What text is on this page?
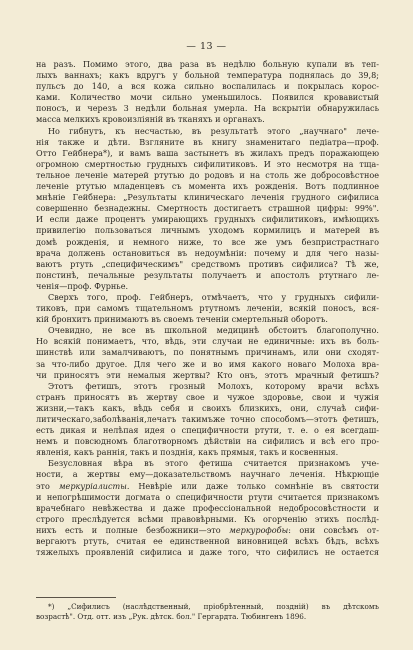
— 13 —
на разъ. Помимо этого, два раза въ недѣлю больную купали въ теп-
лыхъ ваннахъ; какъ вдругъ у больной температура поднялась до 39,8;
пульсъ до 140, а вся кожа сильно воспалилась и покрылась корос-
ками. Количество мочи сильно уменьшилось. Появился кровавистый
поносъ, и черезъ 3 недѣли больная умерла. На вскрытіи обнаружилась
масса мелкихъ кровоизліяній въ тканяхъ и органахъ.
Но гибнутъ, къ несчастью, въ результатѣ этого „научнаго" лече-
нія также и дѣти. Взгляните въ книгу знаменитаго педіатра—проф.
Отто Гейбнера*), и вамъ ваша застынетъ въ жилахъ предъ поражающею
огромною смертностью грудныхъ сифилитиковъ. И это несмотря на тща-
тельное леченіе матерей ртутью до родовъ и на столь же добросовѣстное
леченіе ртутью младенцевъ съ момента ихъ рожденія. Вотъ подлинное
мнѣніе Гейбнера: „Результаты клиническаго леченія грудного сифилиса
совершенно безнадежны. Смертность достигаетъ страшной цифры: 99%".
И если даже процентъ умирающихъ грудныхъ сифилитиковъ, имѣющихъ
привилегію пользоваться личнымъ уходомъ кормилицъ и матерей въ
домѣ рожденія, и немного ниже, то все же умъ безпристрастнаго
врача должень остановиться въ недоумѣніи: почему и для чего назы-
ваютъ ртуть „специфическимъ" средствомъ противъ сифилиса? Тѣ же,
понстинѣ, печальные результаты получаетъ и апостолъ ртутнаго ле-
ченія—проф. Фурнье.
Сверхъ того, проф. Гейбнеръ, отмѣчаетъ, что у грудныхъ сифили-
тиковъ, при самомъ тщательномъ ртутномъ леченіи, всякій поносъ, вся-
кій бронхитъ принимаютъ въ своемъ теченіи смертельный оборотъ.
Очевидно, не все въ школьной медицинѣ обстоитъ благополучно.
Но всякій понимаетъ, что, вѣдь, эти случаи не единичные: ихъ въ боль-
шинствѣ или замалчиваютъ, по понятнымъ причинамъ, или они сходят-
за что-либо другое. Для чего же и во имя какого новаго Молоха вра-
чи приносятъ эти немалыя жертвы? Кто онъ, этотъ мрачный фетишъ?
Этотъ фетишъ, этотъ грозный Молохъ, которому врачи всѣхъ
странъ приносятъ въ жертву свое и чужое здоровье, свои и чужія
жизни,—такъ какъ, вѣдь себя и своихъ близкихъ, они, случаѣ сифи-
литическаго,заболѣванія,лечатъ такимъже точно способомъ—этотъ фетишъ,
есть дикая и нелѣпая идея о специфичности ртути, т. е. о ея всегдаш-
немъ и повсюдномъ благотворномъ дѣйствіи на сифилисъ и всѣ его про-
явленія, какъ раннія, такъ и позднія, какъ прямыя, такъ и косвенныя.
Безусловная вѣра въ этого фетиша считается признакомъ уче-
ности, а жертвы ему—доказательствомъ научнаго леченія. Нѣкрющіе
это меркуріалисты. Невѣріе или даже только сомнѣніе въ святости
и непогрѣшимости догмата о специфичности ртути считается признакомъ
врачебнаго невѣжества и даже профессіональной недобросовѣстности и
строго преслѣдуется всѣми правовѣрными. Къ огорченію этихъ послѣд-
нихъ есть и полные безбожники—это меркурофобы: они совсѣмъ от-
вергаютъ ртуть, считая ее единственной виновницей всѣхъ бѣдъ, всѣхъ
тяжелыхъ проявленій сифилиса и даже того, что сифилисъ не остается
*) „Сифилисъ (наслѣдственный, пріобрѣтенный, поздній) въ дѣтскомъ
возрастѣ". Отд. отт. изъ „Рук. дѣтск. бол." Гергардта. Тюбингенъ 1896.
